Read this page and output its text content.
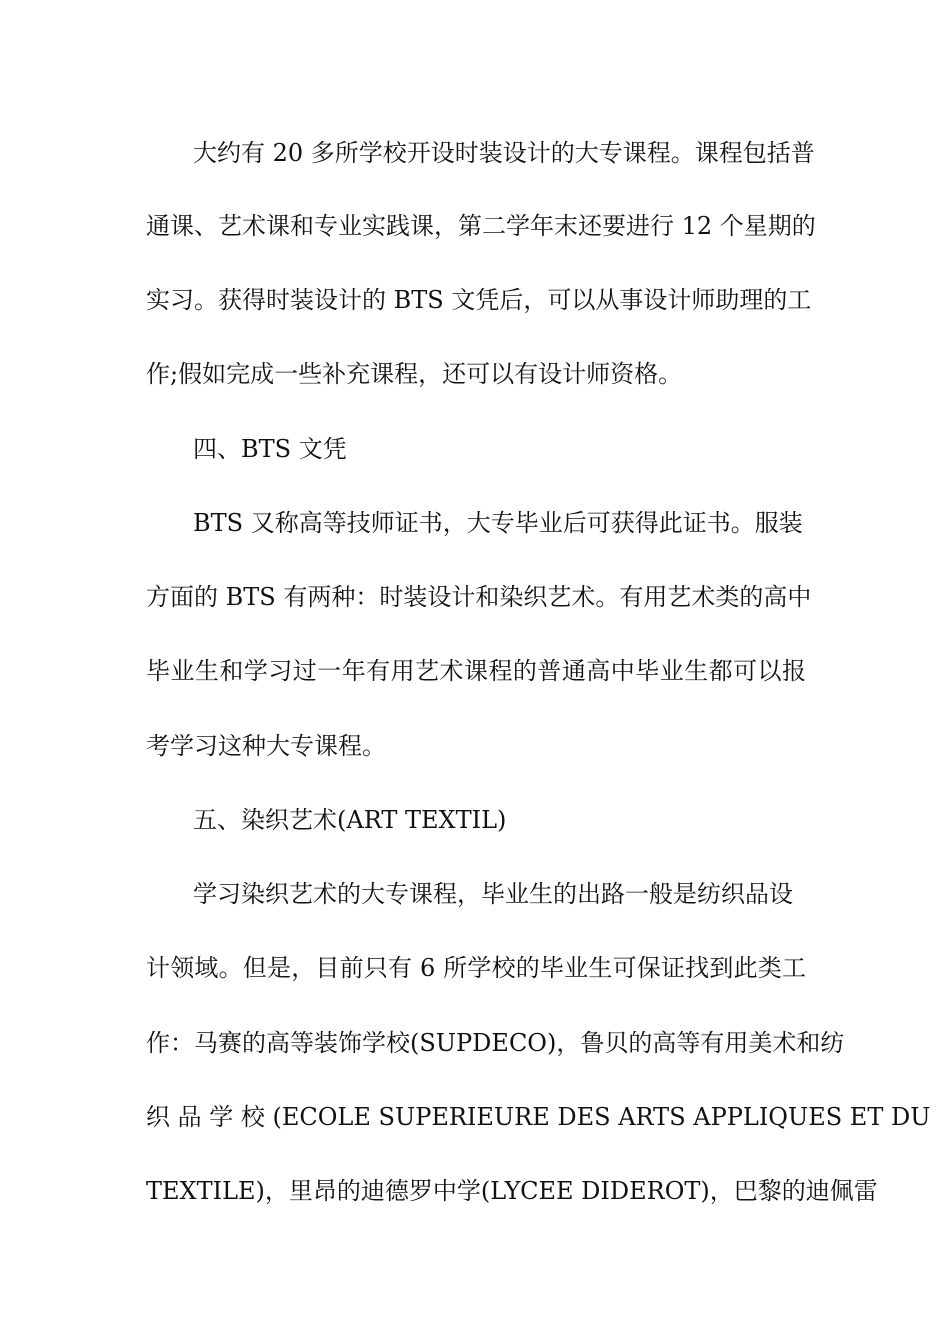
大约有 20 多所学校开设时装设计的大专课程。课程包括普
通课、艺术课和专业实践课，第二学年末还要进行 12 个星期的
实习。获得时装设计的 BTS 文凭后，可以从事设计师助理的工
作;假如完成一些补充课程，还可以有设计师资格。
四、BTS 文凭
BTS 又称高等技师证书，大专毕业后可获得此证书。服装
方面的 BTS 有两种：时装设计和染织艺术。有用艺术类的高中
毕业生和学习过一年有用艺术课程的普通高中毕业生都可以报
考学习这种大专课程。
五、染织艺术(ART TEXTIL)
学习染织艺术的大专课程，毕业生的出路一般是纺织品设
计领域。但是，目前只有 6 所学校的毕业生可保证找到此类工
作：马赛的高等装饰学校(SUPDECO)，鲁贝的高等有用美术和纺
织 品 学 校 (ECOLE SUPERIEURE DES ARTS APPLIQUES ET DU
TEXTILE)，里昂的迪德罗中学(LYCEE DIDEROT)，巴黎的迪佩雷
